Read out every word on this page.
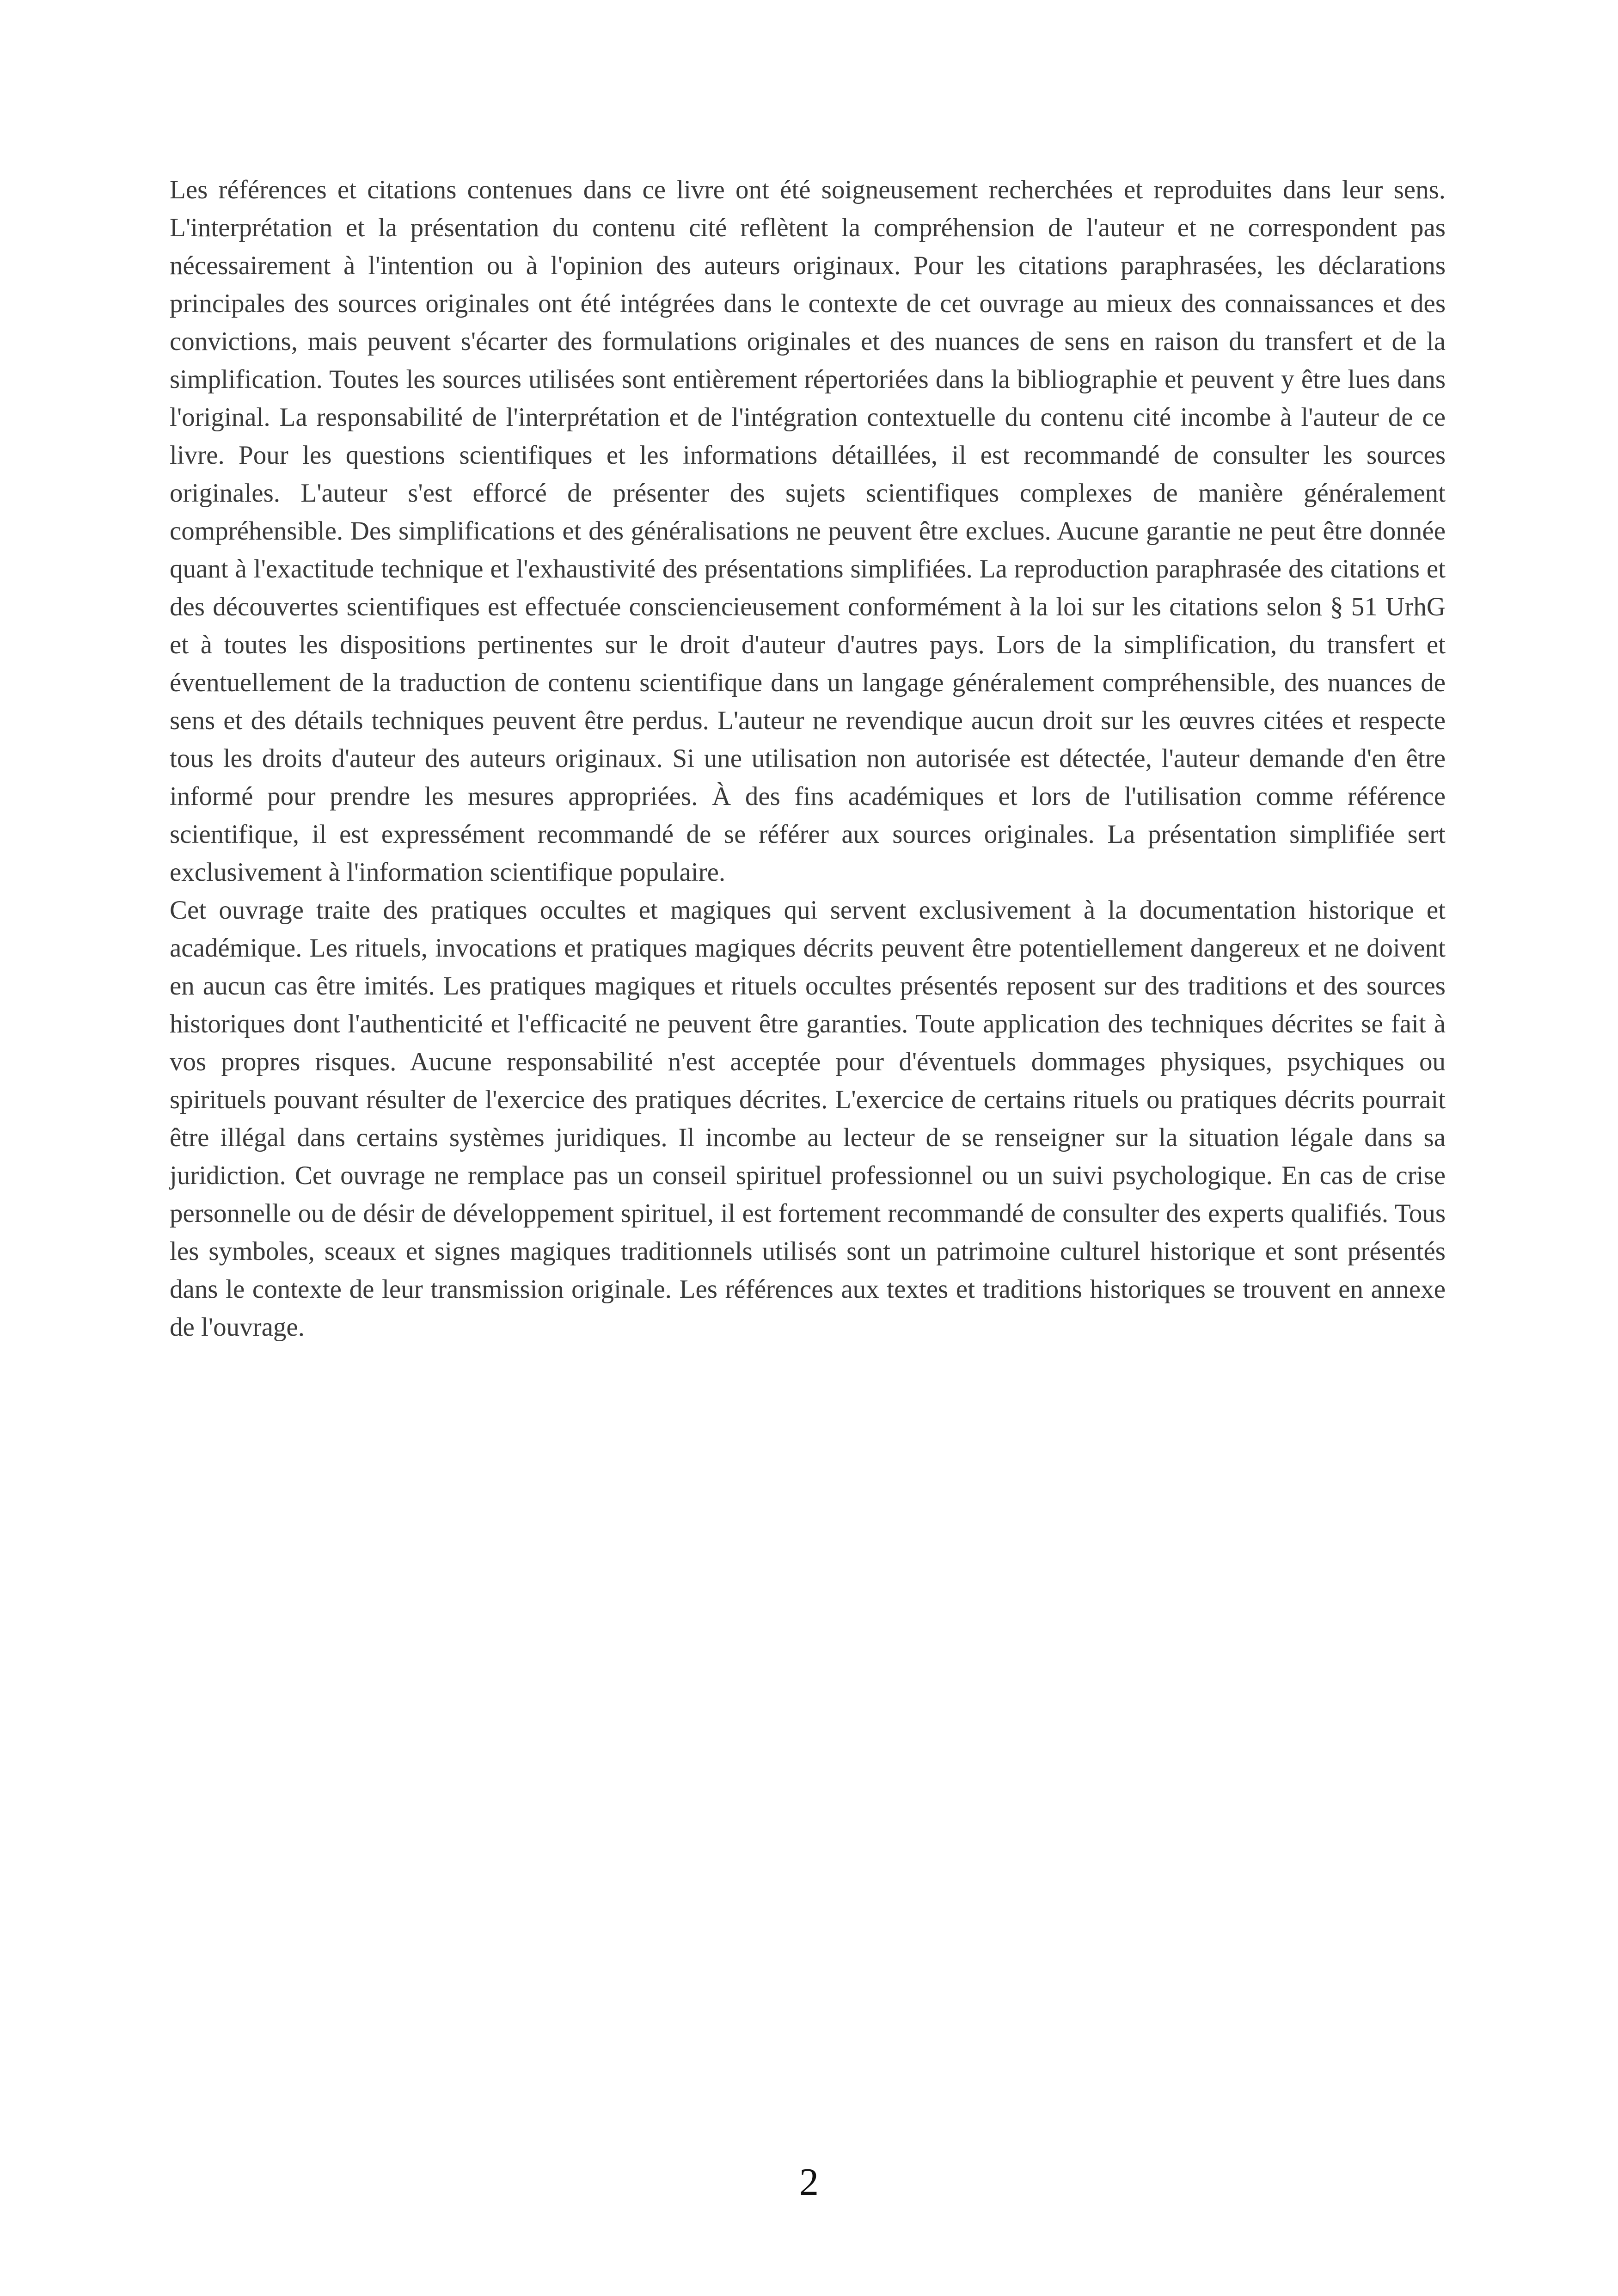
Les références et citations contenues dans ce livre ont été soigneusement recherchées et reproduites dans leur sens. L'interprétation et la présentation du contenu cité reflètent la compréhension de l'auteur et ne correspondent pas nécessairement à l'intention ou à l'opinion des auteurs originaux. Pour les citations paraphrasées, les déclarations principales des sources originales ont été intégrées dans le contexte de cet ouvrage au mieux des connaissances et des convictions, mais peuvent s'écarter des formulations originales et des nuances de sens en raison du transfert et de la simplification. Toutes les sources utilisées sont entièrement répertoriées dans la bibliographie et peuvent y être lues dans l'original. La responsabilité de l'interprétation et de l'intégration contextuelle du contenu cité incombe à l'auteur de ce livre. Pour les questions scientifiques et les informations détaillées, il est recommandé de consulter les sources originales. L'auteur s'est efforcé de présenter des sujets scientifiques complexes de manière généralement compréhensible. Des simplifications et des généralisations ne peuvent être exclues. Aucune garantie ne peut être donnée quant à l'exactitude technique et l'exhaustivité des présentations simplifiées. La reproduction paraphrasée des citations et des découvertes scientifiques est effectuée consciencieusement conformément à la loi sur les citations selon § 51 UrhG et à toutes les dispositions pertinentes sur le droit d'auteur d'autres pays. Lors de la simplification, du transfert et éventuellement de la traduction de contenu scientifique dans un langage généralement compréhensible, des nuances de sens et des détails techniques peuvent être perdus. L'auteur ne revendique aucun droit sur les œuvres citées et respecte tous les droits d'auteur des auteurs originaux. Si une utilisation non autorisée est détectée, l'auteur demande d'en être informé pour prendre les mesures appropriées. À des fins académiques et lors de l'utilisation comme référence scientifique, il est expressément recommandé de se référer aux sources originales. La présentation simplifiée sert exclusivement à l'information scientifique populaire.

Cet ouvrage traite des pratiques occultes et magiques qui servent exclusivement à la documentation historique et académique. Les rituels, invocations et pratiques magiques décrits peuvent être potentiellement dangereux et ne doivent en aucun cas être imités. Les pratiques magiques et rituels occultes présentés reposent sur des traditions et des sources historiques dont l'authenticité et l'efficacité ne peuvent être garanties. Toute application des techniques décrites se fait à vos propres risques. Aucune responsabilité n'est acceptée pour d'éventuels dommages physiques, psychiques ou spirituels pouvant résulter de l'exercice des pratiques décrites. L'exercice de certains rituels ou pratiques décrits pourrait être illégal dans certains systèmes juridiques. Il incombe au lecteur de se renseigner sur la situation légale dans sa juridiction. Cet ouvrage ne remplace pas un conseil spirituel professionnel ou un suivi psychologique. En cas de crise personnelle ou de désir de développement spirituel, il est fortement recommandé de consulter des experts qualifiés. Tous les symboles, sceaux et signes magiques traditionnels utilisés sont un patrimoine culturel historique et sont présentés dans le contexte de leur transmission originale. Les références aux textes et traditions historiques se trouvent en annexe de l'ouvrage.

2
